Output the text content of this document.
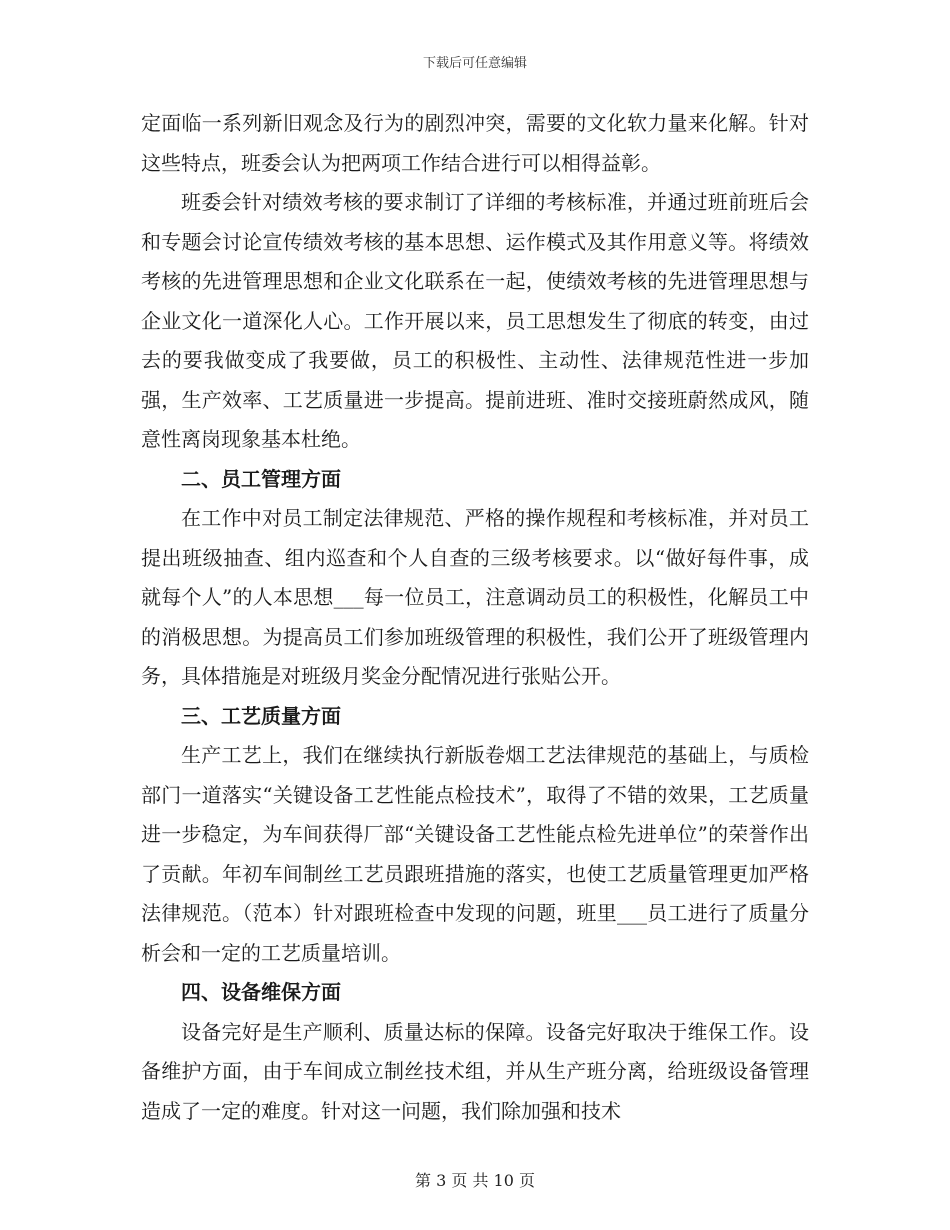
下载后可任意编辑

定面临一系列新旧观念及行为的剧烈冲突，需要的文化软力量来化解。针对这些特点，班委会认为把两项工作结合进行可以相得益彰。

班委会针对绩效考核的要求制订了详细的考核标准，并通过班前班后会和专题会讨论宣传绩效考核的基本思想、运作模式及其作用意义等。将绩效考核的先进管理思想和企业文化联系在一起，使绩效考核的先进管理思想与企业文化一道深化人心。工作开展以来，员工思想发生了彻底的转变，由过去的要我做变成了我要做，员工的积极性、主动性、法律规范性进一步加强，生产效率、工艺质量进一步提高。提前进班、准时交接班蔚然成风，随意性离岗现象基本杜绝。

二、员工管理方面

在工作中对员工制定法律规范、严格的操作规程和考核标准，并对员工提出班级抽查、组内巡查和个人自查的三级考核要求。以“做好每件事，成就每个人”的人本思想___每一位员工，注意调动员工的积极性，化解员工中的消极思想。为提高员工们参加班级管理的积极性，我们公开了班级管理内务，具体措施是对班级月奖金分配情况进行张贴公开。

三、工艺质量方面

生产工艺上，我们在继续执行新版卷烟工艺法律规范的基础上，与质检部门一道落实“关键设备工艺性能点检技术”，取得了不错的效果，工艺质量进一步稳定，为车间获得厂部“关键设备工艺性能点检先进单位”的荣誉作出了贡献。年初车间制丝工艺员跟班措施的落实，也使工艺质量管理更加严格法律规范。（范本）针对跟班检查中发现的问题，班里___员工进行了质量分析会和一定的工艺质量培训。

四、设备维保方面

设备完好是生产顺利、质量达标的保障。设备完好取决于维保工作。设备维护方面，由于车间成立制丝技术组，并从生产班分离，给班级设备管理造成了一定的难度。针对这一问题，我们除加强和技术

第 3 页 共 10 页
